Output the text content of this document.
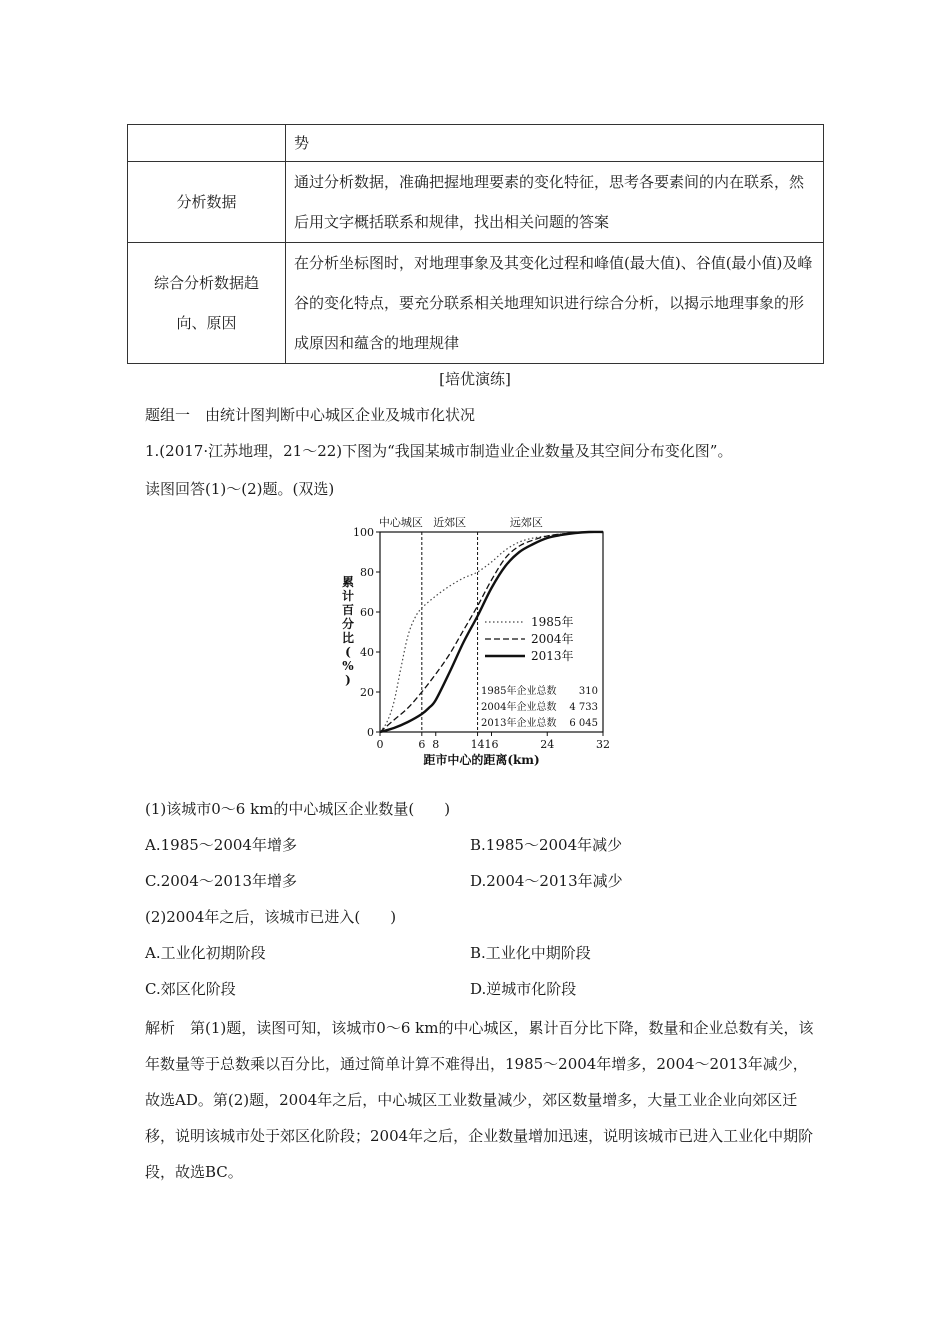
	势
分析数据	通过分析数据，准确把握地理要素的变化特征，思考各要素间的内在联系，然后用文字概括联系和规律，找出相关问题的答案

综合分析数据趋向、原因	在分析坐标图时，对地理事象及其变化过程和峰值(最大值)、谷值(最小值)及峰谷的变化特点，要充分联系相关地理知识进行综合分析，以揭示地理事象的形成原因和蕴含的地理规律
[培优演练]
题组一　由统计图判断中心城区企业及城市化状况
1.(2017·江苏地理，21～22)下图为“我国某城市制造业企业数量及其空间分布变化图”。
读图回答(1)～(2)题。(双选)
中心城区 近郊区	远郊区
0
20
40
60
80
100
0	8	16	24	32
6	14
距市中心的距离(km)
累计百分比( % )
1985年
2004年
2013年
1985年企业总数 310
2004年企业总数 4 733
2013年企业总数 6 045
(1)该城市0～6 km的中心城区企业数量(　　)
A.1985～2004年增多	B.1985～2004年减少
C.2004～2013年增多	D.2004～2013年减少
(2)2004年之后，该城市已进入(　　)
A.工业化初期阶段	B.工业化中期阶段
C.郊区化阶段	D.逆城市化阶段

解析　 第(1)题，读图可知，该城市0～6 km的中心城区，累计百分比下降，数量和企业总数有关，该年数量等于总数乘以百分比，通过简单计算不难得出，1985～2004年增多，2004～2013年减少，故选AD。第(2)题，2004年之后，中心城区工业数量减少，郊区数量增多，大量工业企业向郊区迁移，说明该城市处于郊区化阶段；2004年之后，企业数量增加迅速，说明该城市已进入工业化中期阶段，故选BC。
